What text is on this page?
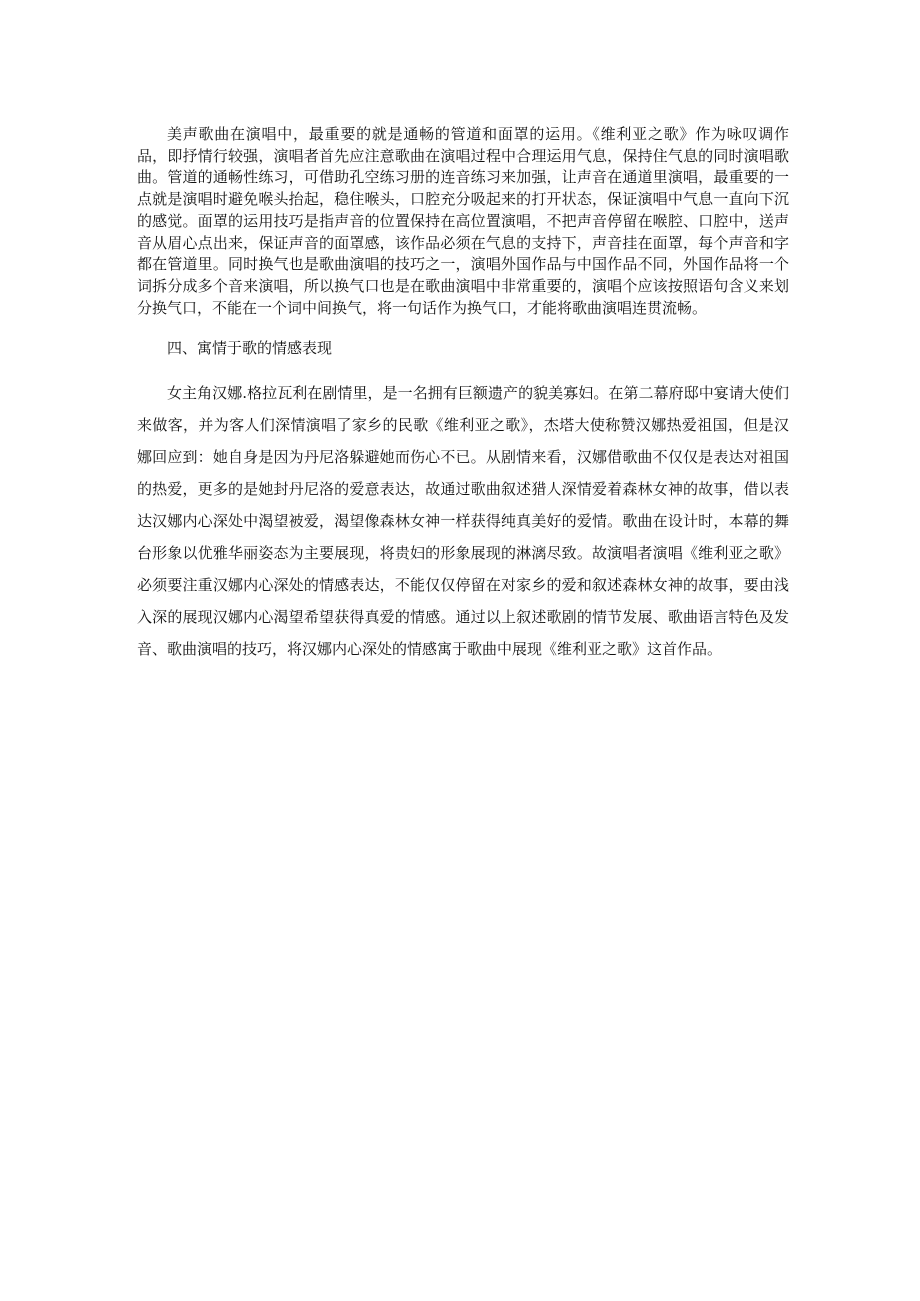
美声歌曲在演唱中，最重要的就是通畅的管道和面罩的运用。《维利亚之歌》作为咏叹调作品，即抒情行较强，演唱者首先应注意歌曲在演唱过程中合理运用气息，保持住气息的同时演唱歌曲。管道的通畅性练习，可借助孔空练习册的连音练习来加强，让声音在通道里演唱，最重要的一点就是演唱时避免喉头抬起，稳住喉头，口腔充分吸起来的打开状态，保证演唱中气息一直向下沉的感觉。面罩的运用技巧是指声音的位置保持在高位置演唱，不把声音停留在喉腔、口腔中，送声音从眉心点出来，保证声音的面罩感，该作品必须在气息的支持下，声音挂在面罩，每个声音和字都在管道里。同时换气也是歌曲演唱的技巧之一，演唱外国作品与中国作品不同，外国作品将一个词拆分成多个音来演唱，所以换气口也是在歌曲演唱中非常重要的，演唱个应该按照语句含义来划分换气口，不能在一个词中间换气，将一句话作为换气口，才能将歌曲演唱连贯流畅。

四、寓情于歌的情感表现

女主角汉娜.格拉瓦利在剧情里，是一名拥有巨额遗产的貌美寡妇。在第二幕府邸中宴请大使们来做客，并为客人们深情演唱了家乡的民歌《维利亚之歌》，杰塔大使称赞汉娜热爱祖国，但是汉娜回应到：她自身是因为丹尼洛躲避她而伤心不已。从剧情来看，汉娜借歌曲不仅仅是表达对祖国的热爱，更多的是她封丹尼洛的爱意表达，故通过歌曲叙述猎人深情爱着森林女神的故事，借以表达汉娜内心深处中渴望被爱，渴望像森林女神一样获得纯真美好的爱情。歌曲在设计时，本幕的舞台形象以优雅华丽姿态为主要展现，将贵妇的形象展现的淋漓尽致。故演唱者演唱《维利亚之歌》必须要注重汉娜内心深处的情感表达，不能仅仅停留在对家乡的爱和叙述森林女神的故事，要由浅入深的展现汉娜内心渴望希望获得真爱的情感。通过以上叙述歌剧的情节发展、歌曲语言特色及发音、歌曲演唱的技巧，将汉娜内心深处的情感寓于歌曲中展现《维利亚之歌》这首作品。
